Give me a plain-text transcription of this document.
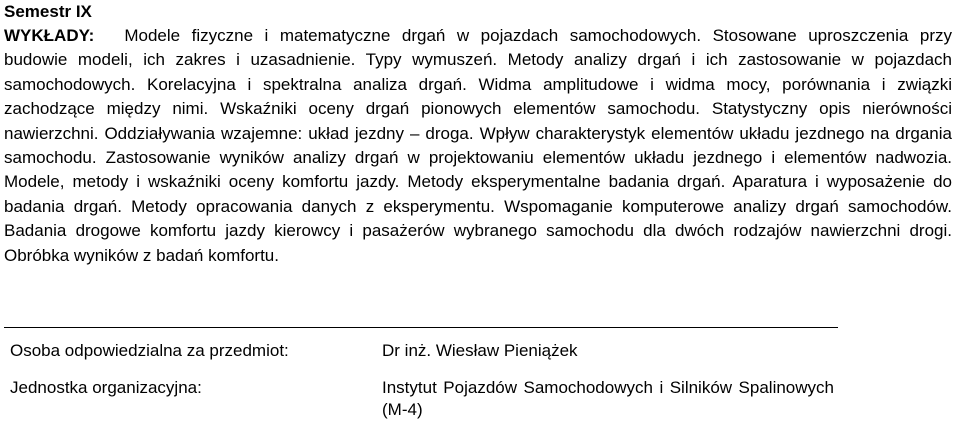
Semestr IX

WYKŁADY: Modele fizyczne i matematyczne drgań w pojazdach samochodowych. Stosowane uproszczenia przy budowie modeli, ich zakres i uzasadnienie. Typy wymuszeń. Metody analizy drgań i ich zastosowanie w pojazdach samochodowych. Korelacyjna i spektralna analiza drgań. Widma amplitudowe i widma mocy, porównania i związki zachodzące między nimi. Wskaźniki oceny drgań pionowych elementów samochodu. Statystyczny opis nierówności nawierzchni. Oddziaływania wzajemne: układ jezdny – droga. Wpływ charakterystyk elementów układu jezdnego na drgania samochodu. Zastosowanie wyników analizy drgań w projektowaniu elementów układu jezdnego i elementów nadwozia. Modele, metody i wskaźniki oceny komfortu jazdy. Metody eksperymentalne badania drgań. Aparatura i wyposażenie do badania drgań. Metody opracowania danych z eksperymentu. Wspomaganie komputerowe analizy drgań samochodów. Badania drogowe komfortu jazdy kierowcy i pasażerów wybranego samochodu dla dwóch rodzajów nawierzchni drogi. Obróbka wyników z badań komfortu.

Osoba odpowiedzialna za przedmiot:	Dr inż. Wiesław Pieniążek
Jednostka organizacyjna:	Instytut Pojazdów Samochodowych i Silników Spalinowych (M-4)
